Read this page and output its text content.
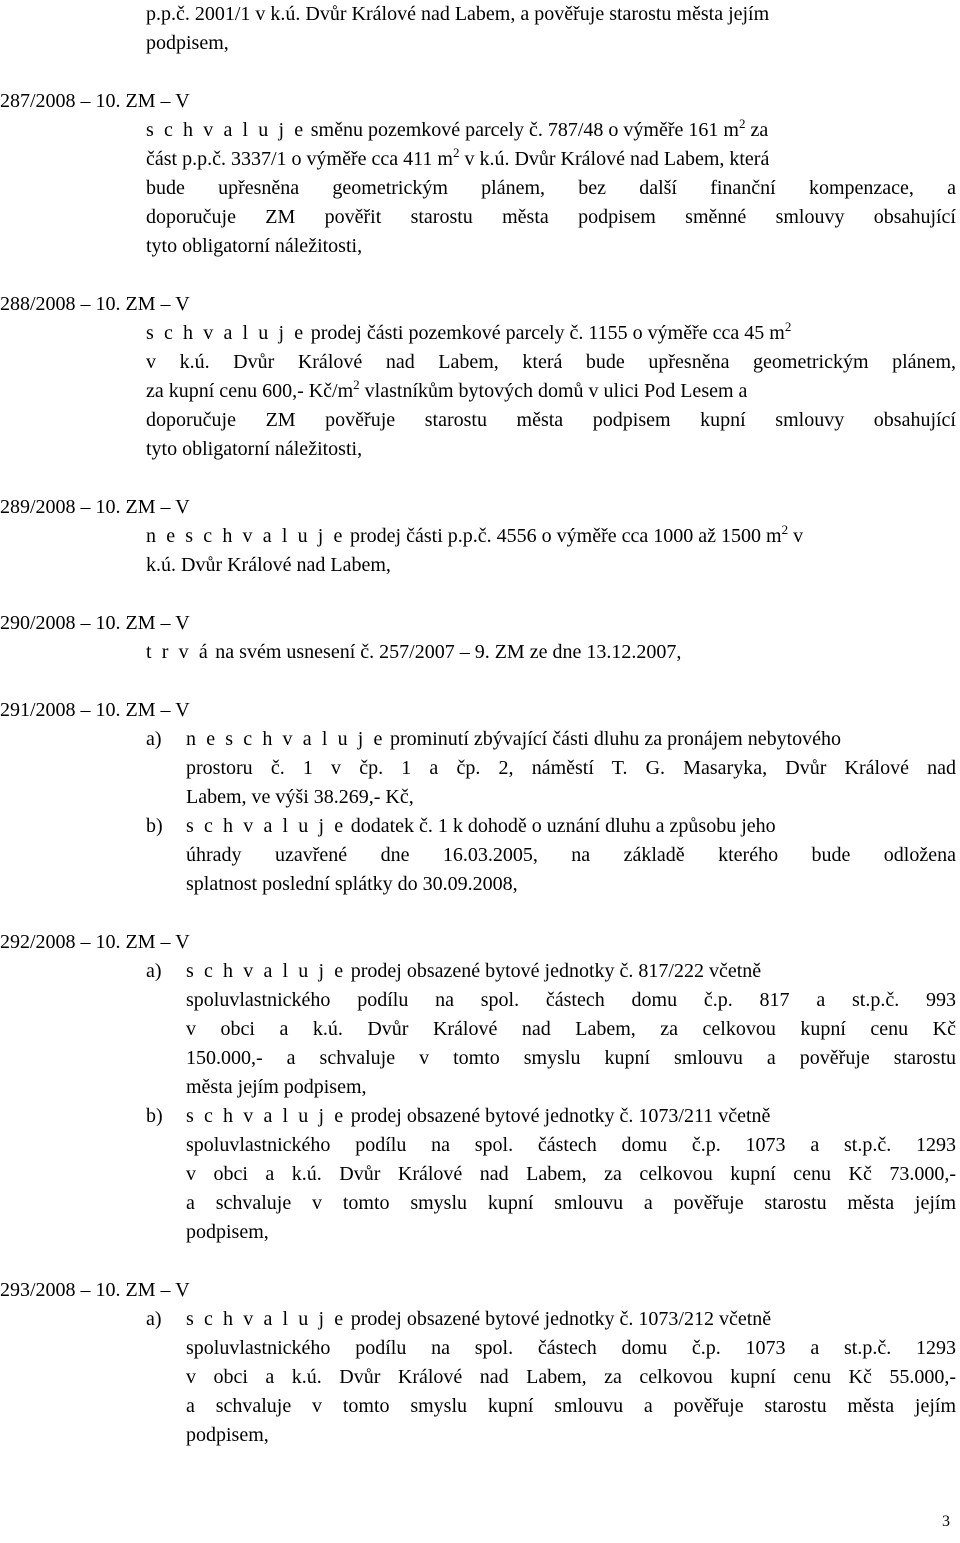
p.p.č. 2001/1 v k.ú. Dvůr Králové nad Labem, a pověřuje starostu města jejím
podpisem,
287/2008 – 10. ZM – V
s c h v a l u j e směnu pozemkové parcely č. 787/48 o výměře 161 $m^2$ za
část p.p.č. 3337/1 o výměře cca 411 $m^2$ v k.ú. Dvůr Králové nad Labem, která
bude upřesněna geometrickým plánem, bez další finanční kompenzace, a
doporučuje ZM pověřit starostu města podpisem směnné smlouvy obsahující
tyto obligatorní náležitosti,
288/2008 – 10. ZM – V
s c h v a l u j e prodej části pozemkové parcely č. 1155 o výměře cca 45 $m^2$
v k.ú. Dvůr Králové nad Labem, která bude upřesněna geometrickým plánem,
za kupní cenu 600,- $Kč/m^2$ vlastníkům bytových domů v ulici Pod Lesem a
doporučuje ZM pověřuje starostu města podpisem kupní smlouvy obsahující
tyto obligatorní náležitosti,
289/2008 – 10. ZM – V
n e s c h v a l u j e prodej části p.p.č. 4556 o výměře cca 1000 až 1500 $m^2$ v
k.ú. Dvůr Králové nad Labem,
290/2008 – 10. ZM – V
t r v á na svém usnesení č. 257/2007 – 9. ZM ze dne 13.12.2007,
291/2008 – 10. ZM – V
a) n e s c h v a l u j e prominutí zbývající části dluhu za pronájem nebytového
prostoru č. 1 v čp. 1 a čp. 2, náměstí T. G. Masaryka, Dvůr Králové nad
Labem, ve výši 38.269,- Kč,
b) s c h v a l u j e dodatek č. 1 k dohodě o uznání dluhu a způsobu jeho
úhrady uzavřené dne 16.03.2005, na základě kterého bude odložena
splatnost poslední splátky do 30.09.2008,
292/2008 – 10. ZM – V
a) s c h v a l u j e prodej obsazené bytové jednotky č. 817/222 včetně
spoluvlastnického podílu na spol. částech domu č.p. 817 a st.p.č. 993
v obci a k.ú. Dvůr Králové nad Labem, za celkovou kupní cenu Kč
150.000,- a schvaluje v tomto smyslu kupní smlouvu a pověřuje starostu
města jejím podpisem,
b) s c h v a l u j e prodej obsazené bytové jednotky č. 1073/211 včetně
spoluvlastnického podílu na spol. částech domu č.p. 1073 a st.p.č. 1293
v obci a k.ú. Dvůr Králové nad Labem, za celkovou kupní cenu Kč 73.000,-
a schvaluje v tomto smyslu kupní smlouvu a pověřuje starostu města jejím
podpisem,
293/2008 – 10. ZM – V
a) s c h v a l u j e prodej obsazené bytové jednotky č. 1073/212 včetně
spoluvlastnického podílu na spol. částech domu č.p. 1073 a st.p.č. 1293
v obci a k.ú. Dvůr Králové nad Labem, za celkovou kupní cenu Kč 55.000,-
a schvaluje v tomto smyslu kupní smlouvu a pověřuje starostu města jejím
podpisem,
3
